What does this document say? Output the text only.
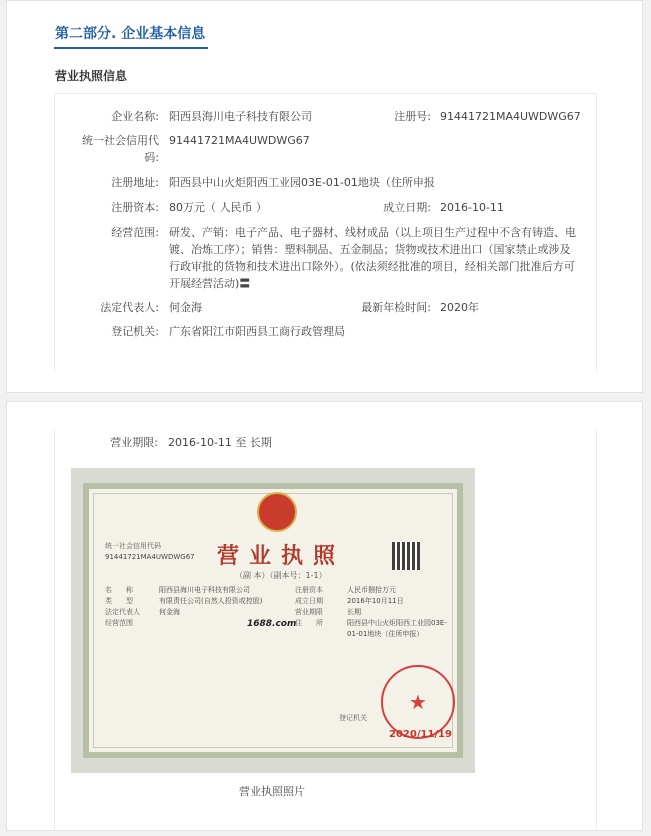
第二部分. 企业基本信息
营业执照信息
企业名称: 阳西县海川电子科技有限公司	注册号: 91441721MA4UWDWG67
统一社会信用代码:
91441721MA4UWDWG67
注册地址: 阳西县中山火炬阳西工业园03E-01-01地块（住所申报
注册资本: 80万元（ 人民币 ）	成立日期: 2016-10-11
经营范围: 研发、产销：电子产品、电子器材、线材成品（以上项目生产过程中不含有铸造、电

镀、冶炼工序）；销售：塑料制品、五金制品；货物或技术进出口（国家禁止或涉及

行政审批的货物和技术进出口除外）。(依法须经批准的项目，经相关部门批准后方可

开展经营活动)〓

法定代表人: 何金海	最新年检时间: 2020年
登记机关: 广东省阳江市阳西县工商行政管理局
营业期限: 2016-10-11 至 长期
营业执照
（副 本）（副本号：1-1）
统一社会信用代码
91441721MA4UWDWG67
名　　称	阳西县海川电子科技有限公司
类　　型	有限责任公司(自然人投资或控股)
法定代表人	何金海
经营范围	1688.com
注册资本	人民币捌拾万元
成立日期	2016年10月11日
营业期限	长期
住　　所	阳西县中山火炬阳西工业园03E-01-01地块（住所申报）
登记机关
★
2020/11/19
营业执照照片
